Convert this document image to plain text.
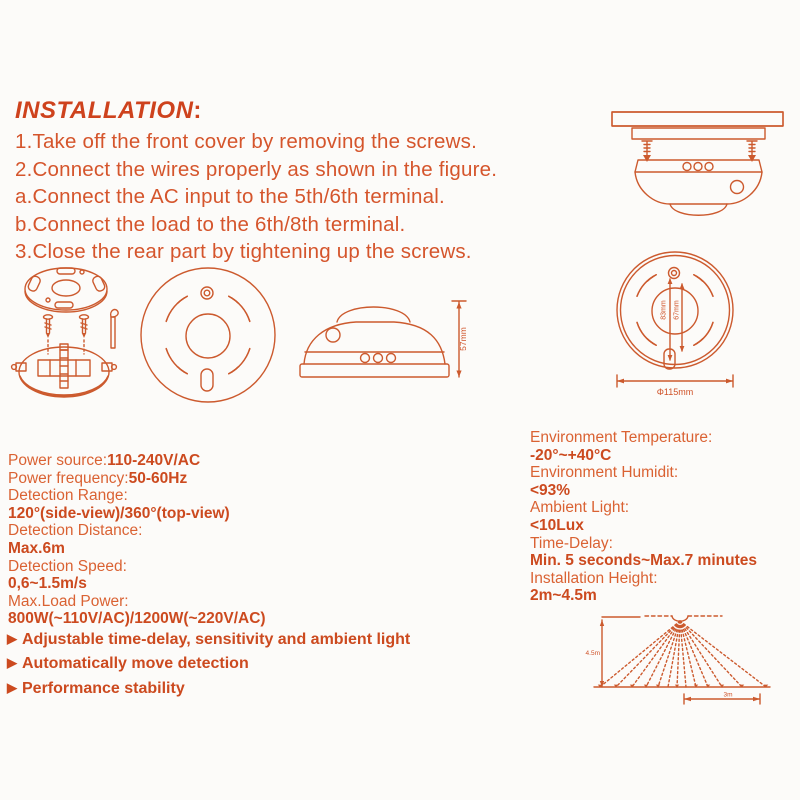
INSTALLATION:
1.Take off the front cover by removing the screws.
2.Connect the wires properly as shown in the figure.
a.Connect the AC input to the 5th/6th terminal.
b.Connect the load to the 6th/8th terminal.
3.Close the rear part by tightening up the screws.
57mm
83mm 67mm
Φ115mm
Power source:110-240V/AC
Power frequency:50-60Hz
Detection Range:
120°(side-view)/360°(top-view)
Detection Distance:
Max.6m
Detection Speed:
0,6~1.5m/s
Max.Load Power:
800W(~110V/AC)/1200W(~220V/AC)
▶ Adjustable time-delay, sensitivity and ambient light
▶ Automatically move detection
▶ Performance stability
Environment Temperature:
-20°~+40°C
Environment Humidit:
<93%
Ambient Light:
<10Lux
Time-Delay:
Min. 5 seconds~Max.7 minutes
Installation Height:
2m~4.5m
4.5m
3m
